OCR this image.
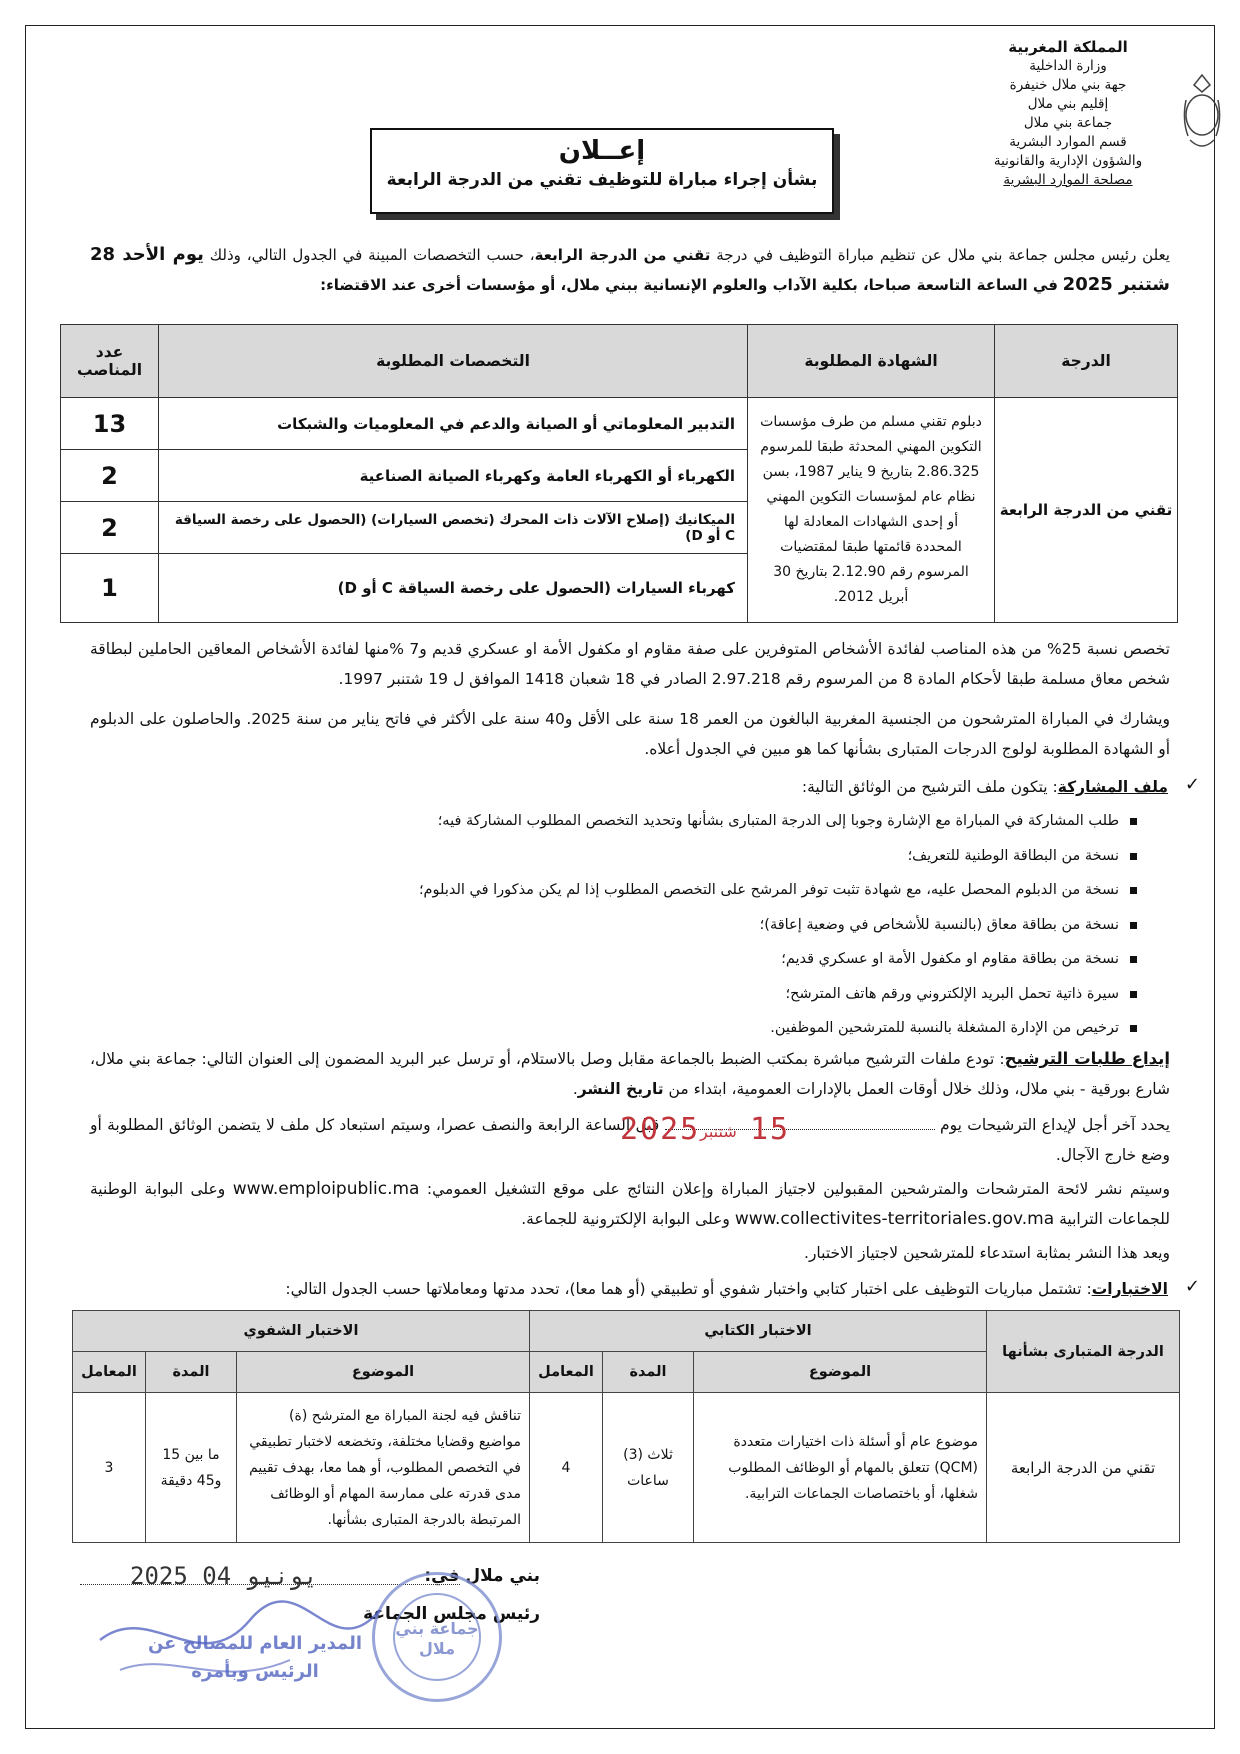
المملكة المغربية
وزارة الداخلية
جهة بني ملال خنيفرة
إقليم بني ملال
جماعة بني ملال
قسم الموارد البشرية
والشؤون الإدارية والقانونية
مصلحة الموارد البشرية
إعــلان
بشأن إجراء مباراة للتوظيف تقني من الدرجة الرابعة
يعلن رئيس مجلس جماعة بني ملال عن تنظيم مباراة التوظيف في درجة تقني من الدرجة الرابعة، حسب التخصصات المبينة في الجدول التالي، وذلك يوم الأحد 28 شتنبر 2025 في الساعة التاسعة صباحا، بكلية الآداب والعلوم الإنسانية ببني ملال، أو مؤسسات أخرى عند الاقتضاء:
الدرجة	الشهادة المطلوبة	التخصصات المطلوبة	عدد المناصب
تقني من الدرجة الرابعة	دبلوم تقني مسلم من طرف مؤسسات التكوين المهني المحدثة طبقا للمرسوم 2.86.325 بتاريخ 9 يناير 1987، بسن نظام عام لمؤسسات التكوين المهني أو إحدى الشهادات المعادلة لها المحددة قائمتها طبقا لمقتضيات المرسوم رقم 2.12.90 بتاريخ 30 أبريل 2012.	التدبير المعلوماتي أو الصيانة والدعم في المعلوميات والشبكات	13
		الكهرباء أو الكهرباء العامة وكهرباء الصيانة الصناعية	2
		الميكانيك (إصلاح الآلات ذات المحرك (تخصص السيارات) (الحصول على رخصة السياقة C أو D)	2
		كهرباء السيارات (الحصول على رخصة السياقة C أو D)	1
تخصص نسبة 25% من هذه المناصب لفائدة الأشخاص المتوفرين على صفة مقاوم او مكفول الأمة او عسكري قديم و7 %منها لفائدة الأشخاص المعاقين الحاملين لبطاقة شخص معاق مسلمة طبقا لأحكام المادة 8 من المرسوم رقم 2.97.218 الصادر في 18 شعبان 1418 الموافق ل 19 شتنبر 1997.
ويشارك في المباراة المترشحون من الجنسية المغربية البالغون من العمر 18 سنة على الأقل و40 سنة على الأكثر في فاتح يناير من سنة 2025. والحاصلون على الدبلوم أو الشهادة المطلوبة لولوج الدرجات المتبارى بشأنها كما هو مبين في الجدول أعلاه.
✓
ملف المشاركة: يتكون ملف الترشيح من الوثائق التالية:
طلب المشاركة في المباراة مع الإشارة وجوبا إلى الدرجة المتبارى بشأنها وتحديد التخصص المطلوب المشاركة فيه؛
نسخة من البطاقة الوطنية للتعريف؛
نسخة من الدبلوم المحصل عليه، مع شهادة تثبت توفر المرشح على التخصص المطلوب إذا لم يكن مذكورا في الدبلوم؛
نسخة من بطاقة معاق (بالنسبة للأشخاص في وضعية إعاقة)؛
نسخة من بطاقة مقاوم او مكفول الأمة او عسكري قديم؛
سيرة ذاتية تحمل البريد الإلكتروني ورقم هاتف المترشح؛
ترخيص من الإدارة المشغلة بالنسبة للمترشحين الموظفين.
إيداع طلبات الترشيح: تودع ملفات الترشيح مباشرة بمكتب الضبط بالجماعة مقابل وصل بالاستلام، أو ترسل عبر البريد المضمون إلى العنوان التالي: جماعة بني ملال، شارع بورقية - بني ملال، وذلك خلال أوقات العمل بالإدارات العمومية، ابتداء من تاريخ النشر.
يحدد آخر أجل لإيداع الترشيحات يوم  قبل الساعة الرابعة والنصف عصرا، وسيتم استبعاد كل ملف لا يتضمن الوثائق المطلوبة أو وضع خارج الآجال.
2025 شتنبر 15
وسيتم نشر لائحة المترشحات والمترشحين المقبولين لاجتياز المباراة وإعلان النتائج على موقع التشغيل العمومي: www.emploipublic.ma وعلى البوابة الوطنية للجماعات الترابية www.collectivites-territoriales.gov.ma وعلى البوابة الإلكترونية للجماعة.
ويعد هذا النشر بمثابة استدعاء للمترشحين لاجتياز الاختبار.
✓
الاختبارات: تشتمل مباريات التوظيف على اختبار كتابي واختبار شفوي أو تطبيقي (أو هما معا)، تحدد مدتها ومعاملاتها حسب الجدول التالي:
الدرجة المتبارى بشأنها	الاختبار الكتابي			الاختبار الشفوي		
	الموضوع	المدة	المعامل	الموضوع	المدة	المعامل
تقني من الدرجة الرابعة	موضوع عام أو أسئلة ذات اختيارات متعددة (QCM) تتعلق بالمهام أو الوظائف المطلوب شغلها، أو باختصاصات الجماعات الترابية.	ثلاث (3) ساعات	4	تناقش فيه لجنة المباراة مع المترشح (ة) مواضيع وقضايا مختلفة، وتخضعه لاختبار تطبيقي في التخصص المطلوب، أو هما معا، بهدف تقييم مدى قدرته على ممارسة المهام أو الوظائف المرتبطة بالدرجة المتبارى بشأنها.	ما بين 15 و45 دقيقة	3
بني ملال في:
2025 يونيو 04
رئيس مجلس الجماعة
جماعة بني ملال
المدير العام للمصالح عن الرئيس وبأمره
